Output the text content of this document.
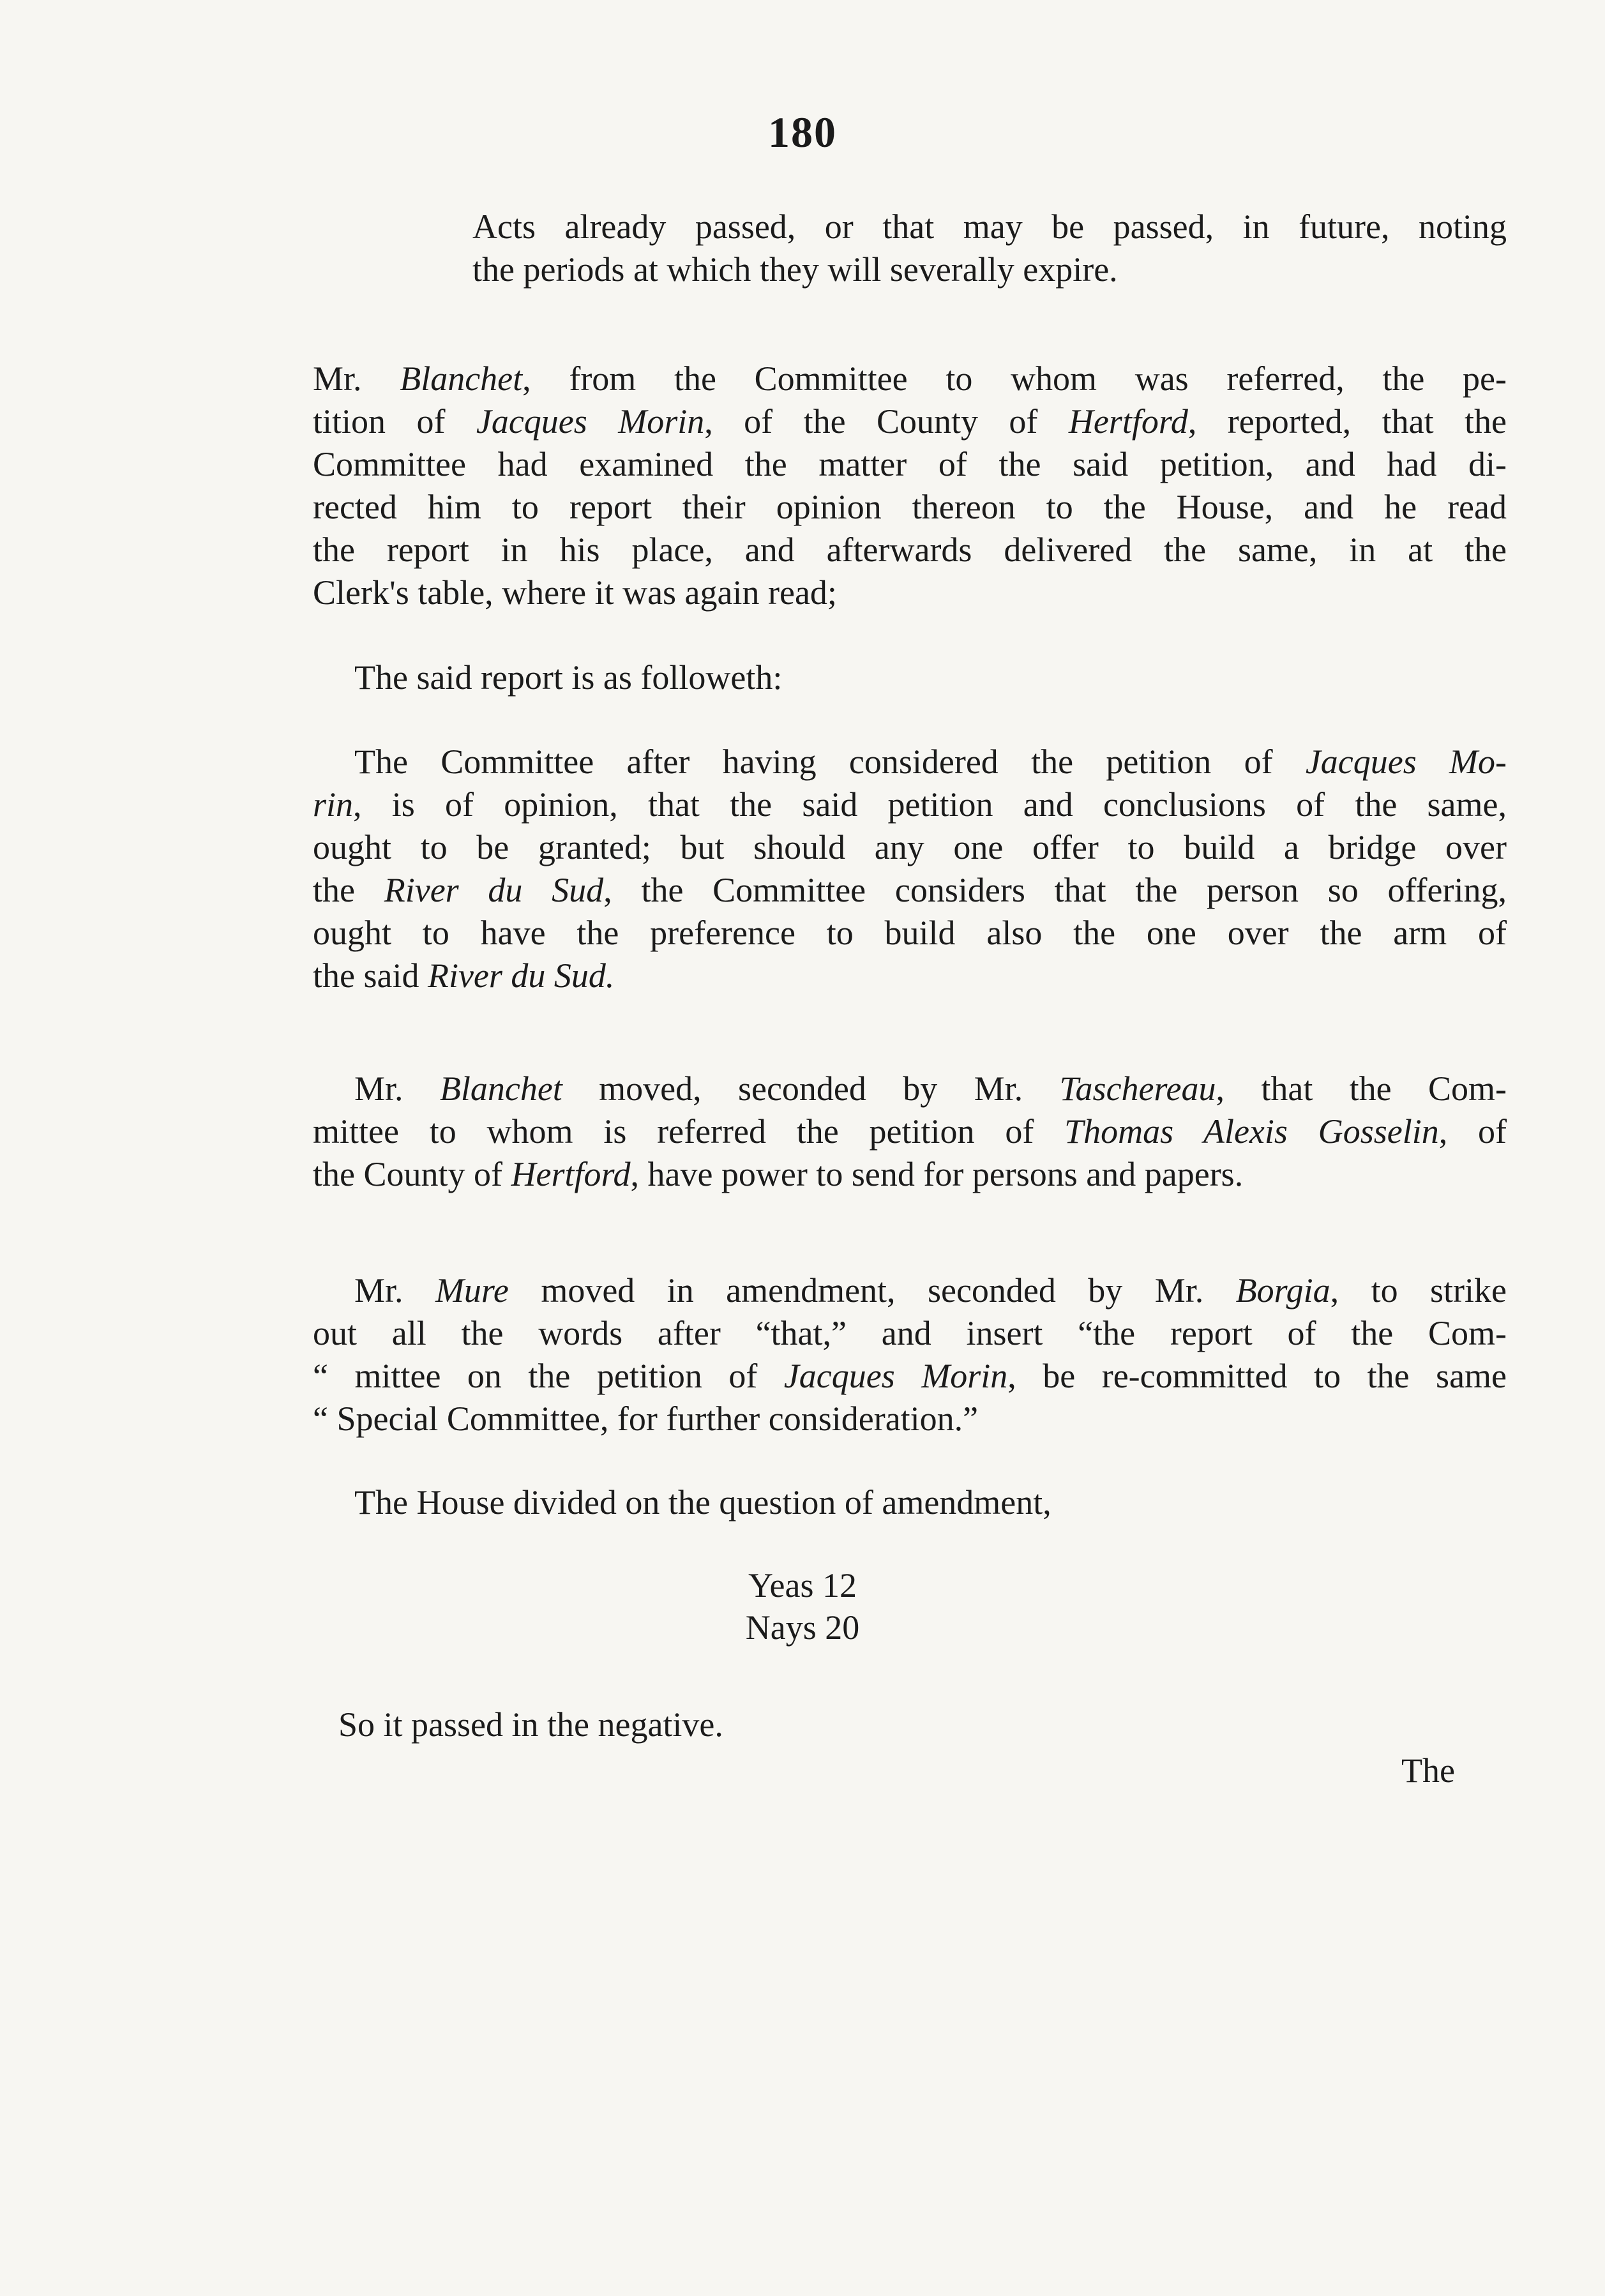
180
Acts already passed, or that may be passed, in future, noting
the periods at which they will severally expire.
Mr. Blanchet, from the Committee to whom was referred, the pe-
tition of Jacques Morin, of the County of Hertford, reported, that the
Committee had examined the matter of the said petition, and had di-
rected him to report their opinion thereon to the House, and he read
the report in his place, and afterwards delivered the same, in at the
Clerk's table, where it was again read;
The said report is as followeth:
The Committee after having considered the petition of Jacques Mo-
rin, is of opinion, that the said petition and conclusions of the same,
ought to be granted; but should any one offer to build a bridge over
the River du Sud, the Committee considers that the person so offering,
ought to have the preference to build also the one over the arm of
the said River du Sud.
Mr. Blanchet moved, seconded by Mr. Taschereau, that the Com-
mittee to whom is referred the petition of Thomas Alexis Gosselin, of
the County of Hertford, have power to send for persons and papers.
Mr. Mure moved in amendment, seconded by Mr. Borgia, to strike
out all the words after “that,” and insert “the report of the Com-
“ mittee on the petition of Jacques Morin, be re-committed to the same
“ Special Committee, for further consideration.”
The House divided on the question of amendment,
Yeas 12
Nays 20
So it passed in the negative.
The
